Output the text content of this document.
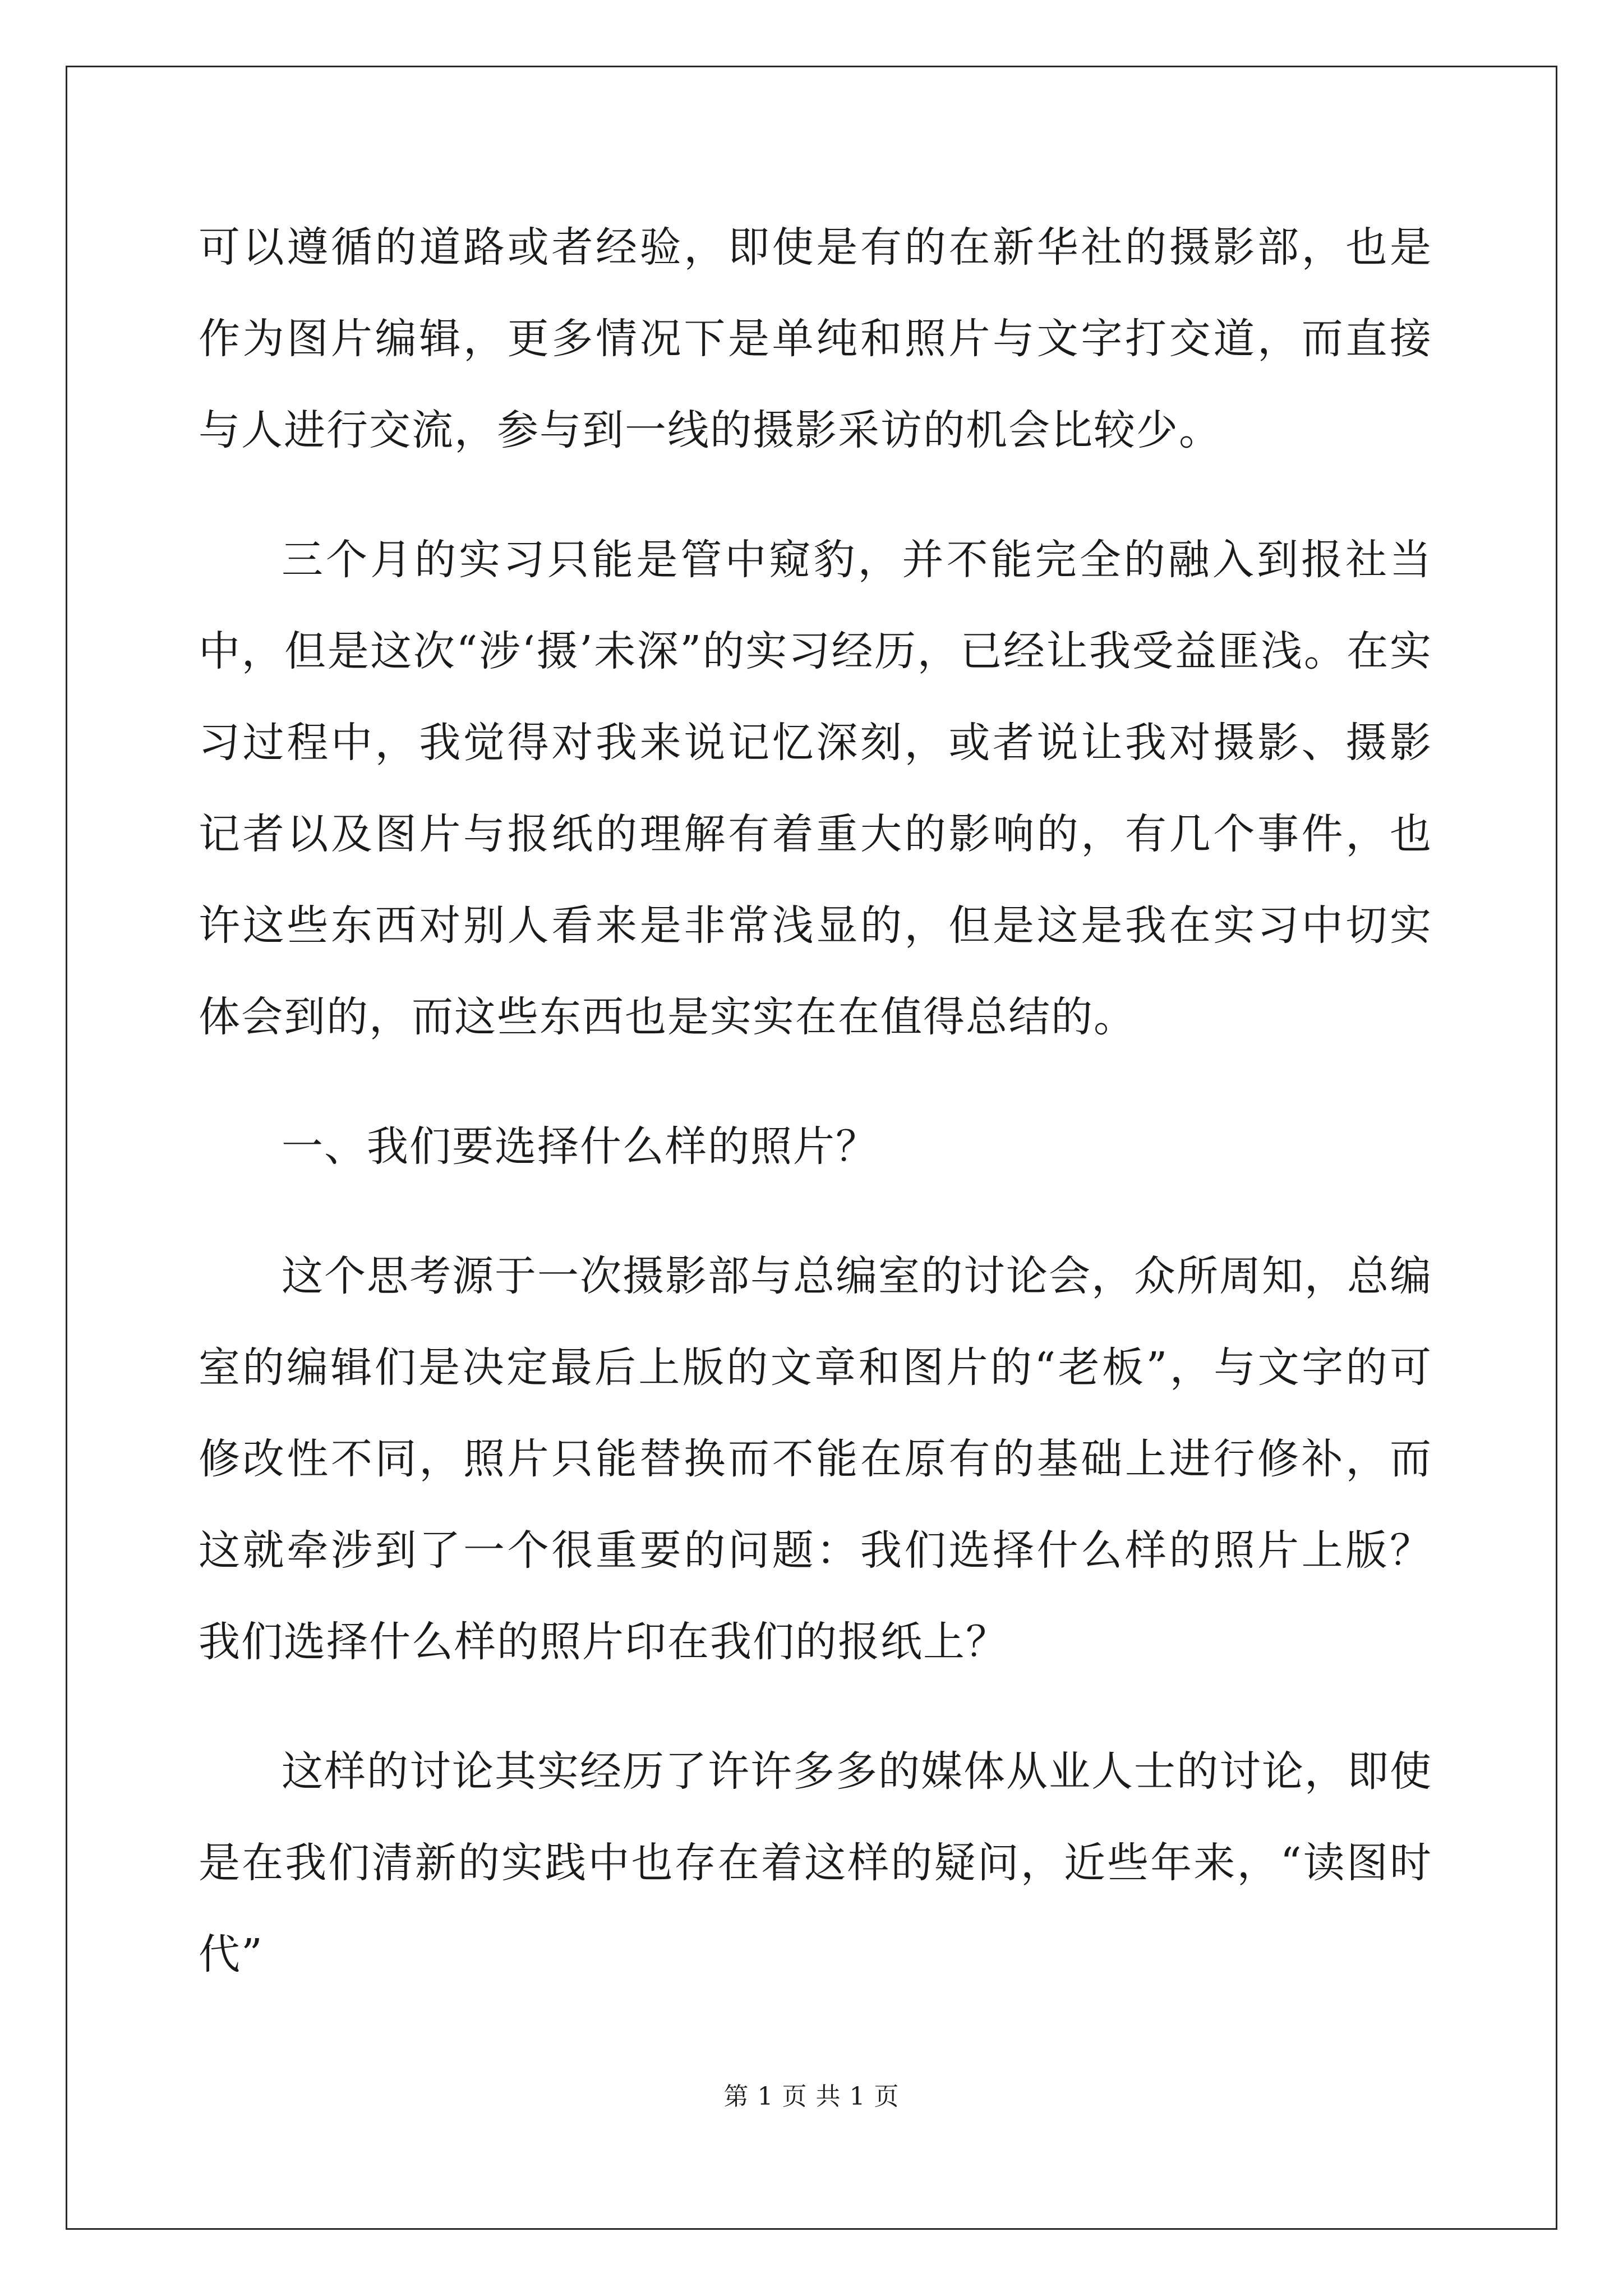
可以遵循的道路或者经验，即使是有的在新华社的摄影部，也是作为图片编辑，更多情况下是单纯和照片与文字打交道，而直接与人进行交流，参与到一线的摄影采访的机会比较少。

三个月的实习只能是管中窥豹，并不能完全的融入到报社当中，但是这次“涉‘摄’未深”的实习经历，已经让我受益匪浅。在实习过程中，我觉得对我来说记忆深刻，或者说让我对摄影、摄影记者以及图片与报纸的理解有着重大的影响的，有几个事件，也许这些东西对别人看来是非常浅显的，但是这是我在实习中切实体会到的，而这些东西也是实实在在值得总结的。

一、我们要选择什么样的照片？

这个思考源于一次摄影部与总编室的讨论会，众所周知，总编室的编辑们是决定最后上版的文章和图片的“老板”，与文字的可修改性不同，照片只能替换而不能在原有的基础上进行修补，而这就牵涉到了一个很重要的问题：我们选择什么样的照片上版？我们选择什么样的照片印在我们的报纸上？

这样的讨论其实经历了许许多多的媒体从业人士的讨论，即使是在我们清新的实践中也存在着这样的疑问，近些年来，“读图时代”

第 1 页 共 1 页
